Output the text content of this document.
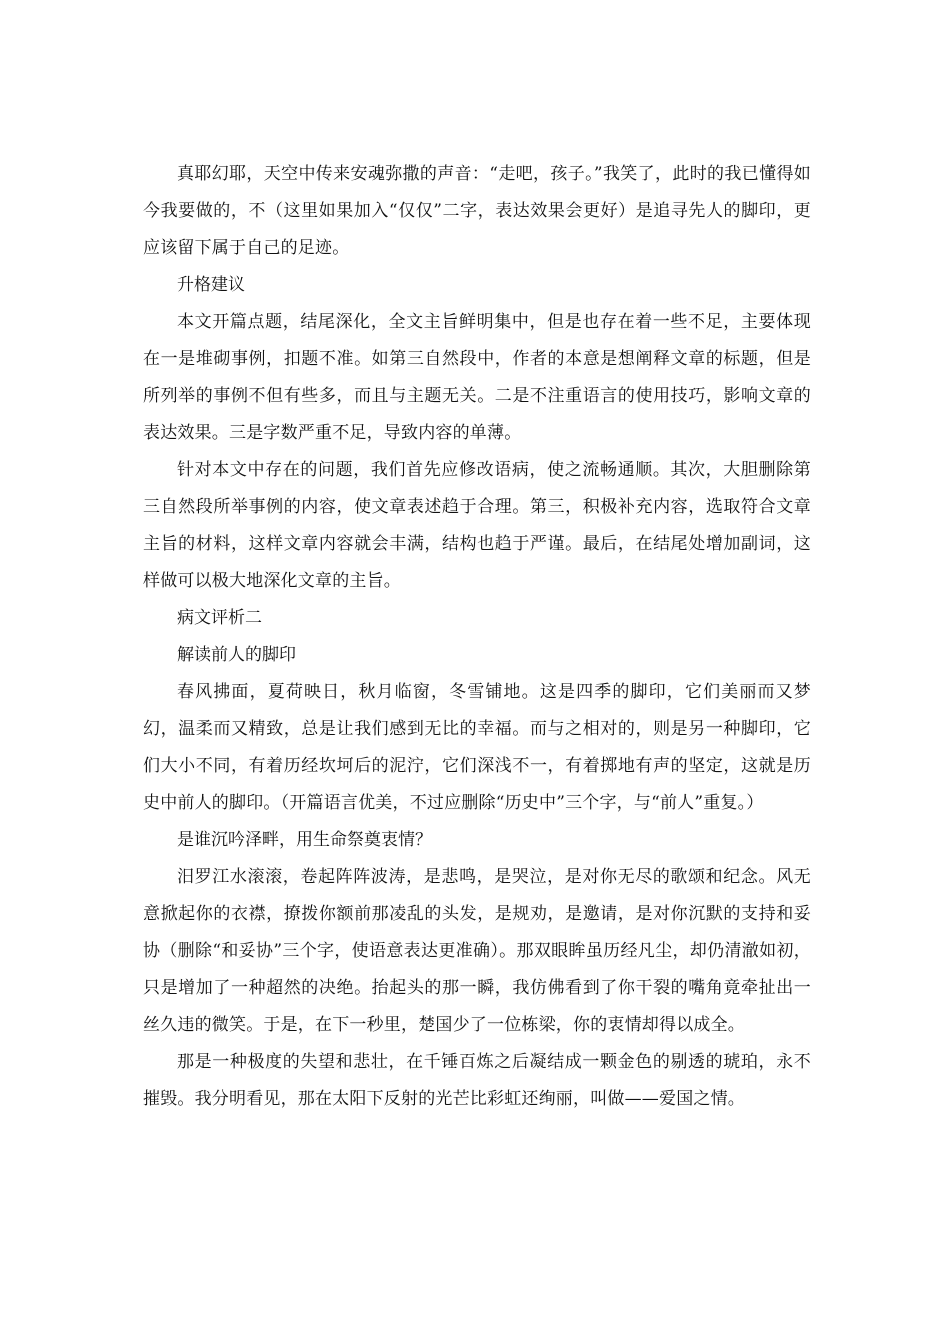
真耶幻耶，天空中传来安魂弥撒的声音：“走吧，孩子。”我笑了，此时的我已懂得如今我要做的，不（这里如果加入“仅仅”二字，表达效果会更好）是追寻先人的脚印，更应该留下属于自己的足迹。

升格建议

本文开篇点题，结尾深化，全文主旨鲜明集中，但是也存在着一些不足，主要体现在一是堆砌事例，扣题不准。如第三自然段中，作者的本意是想阐释文章的标题，但是所列举的事例不但有些多，而且与主题无关。二是不注重语言的使用技巧，影响文章的表达效果。三是字数严重不足，导致内容的单薄。

针对本文中存在的问题，我们首先应修改语病，使之流畅通顺。其次，大胆删除第三自然段所举事例的内容，使文章表述趋于合理。第三，积极补充内容，选取符合文章主旨的材料，这样文章内容就会丰满，结构也趋于严谨。最后，在结尾处增加副词，这样做可以极大地深化文章的主旨。

病文评析二

解读前人的脚印

春风拂面，夏荷映日，秋月临窗，冬雪铺地。这是四季的脚印，它们美丽而又梦幻，温柔而又精致，总是让我们感到无比的幸福。而与之相对的，则是另一种脚印，它们大小不同，有着历经坎坷后的泥泞，它们深浅不一，有着掷地有声的坚定，这就是历史中前人的脚印。（开篇语言优美，不过应删除“历史中”三个字，与“前人”重复。）

是谁沉吟泽畔，用生命祭奠衷情？

汨罗江水滚滚，卷起阵阵波涛，是悲鸣，是哭泣，是对你无尽的歌颂和纪念。风无意掀起你的衣襟，撩拨你额前那凌乱的头发，是规劝，是邀请，是对你沉默的支持和妥协（删除“和妥协”三个字，使语意表达更准确）。那双眼眸虽历经凡尘，却仍清澈如初，只是增加了一种超然的决绝。抬起头的那一瞬，我仿佛看到了你干裂的嘴角竟牵扯出一丝久违的微笑。于是，在下一秒里，楚国少了一位栋梁，你的衷情却得以成全。

那是一种极度的失望和悲壮，在千锤百炼之后凝结成一颗金色的剔透的琥珀，永不摧毁。我分明看见，那在太阳下反射的光芒比彩虹还绚丽，叫做——爱国之情。
